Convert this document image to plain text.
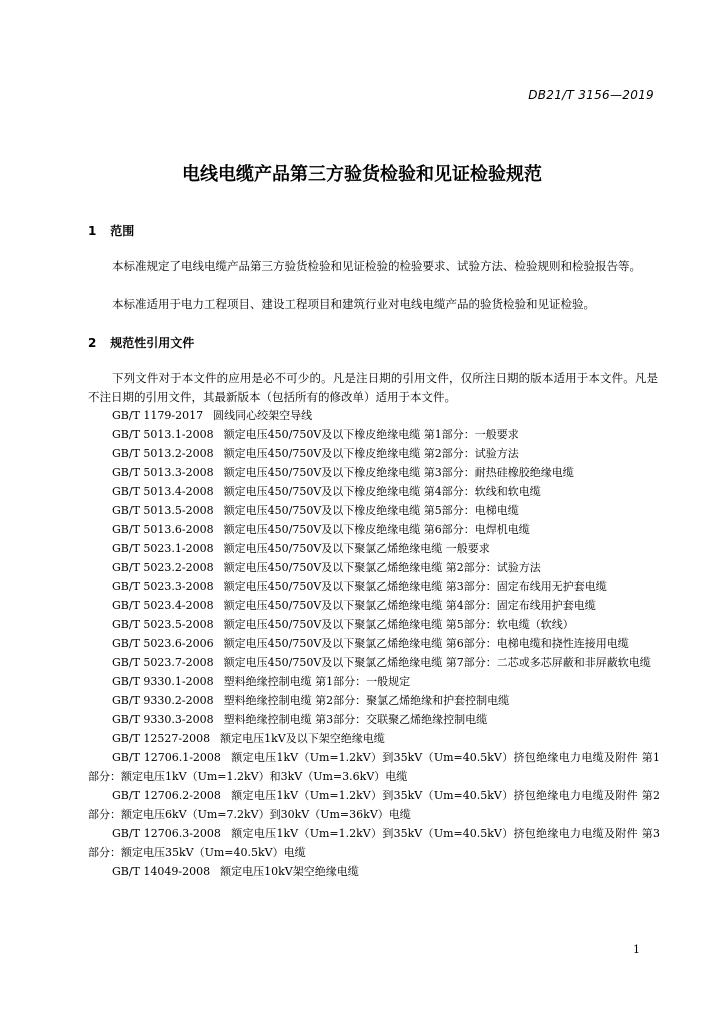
DB21/T 3156—2019
电线电缆产品第三方验货检验和见证检验规范
1 范围
本标准规定了电线电缆产品第三方验货检验和见证检验的检验要求、试验方法、检验规则和检验报告等。
本标准适用于电力工程项目、建设工程项目和建筑行业对电线电缆产品的验货检验和见证检验。
2 规范性引用文件
下列文件对于本文件的应用是必不可少的。凡是注日期的引用文件，仅所注日期的版本适用于本文件。凡是不注日期的引用文件，其最新版本（包括所有的修改单）适用于本文件。

GB/T 1179-2017 圆线同心绞架空导线

GB/T 5013.1-2008 额定电压450/750V及以下橡皮绝缘电缆 第1部分：一般要求

GB/T 5013.2-2008 额定电压450/750V及以下橡皮绝缘电缆 第2部分：试验方法

GB/T 5013.3-2008 额定电压450/750V及以下橡皮绝缘电缆 第3部分：耐热硅橡胶绝缘电缆

GB/T 5013.4-2008 额定电压450/750V及以下橡皮绝缘电缆 第4部分：软线和软电缆

GB/T 5013.5-2008 额定电压450/750V及以下橡皮绝缘电缆 第5部分：电梯电缆

GB/T 5013.6-2008 额定电压450/750V及以下橡皮绝缘电缆 第6部分：电焊机电缆

GB/T 5023.1-2008 额定电压450/750V及以下聚氯乙烯绝缘电缆 一般要求

GB/T 5023.2-2008 额定电压450/750V及以下聚氯乙烯绝缘电缆 第2部分：试验方法

GB/T 5023.3-2008 额定电压450/750V及以下聚氯乙烯绝缘电缆 第3部分：固定布线用无护套电缆

GB/T 5023.4-2008 额定电压450/750V及以下聚氯乙烯绝缘电缆 第4部分：固定布线用护套电缆

GB/T 5023.5-2008 额定电压450/750V及以下聚氯乙烯绝缘电缆 第5部分：软电缆（软线）

GB/T 5023.6-2006 额定电压450/750V及以下聚氯乙烯绝缘电缆 第6部分：电梯电缆和挠性连接用电缆

GB/T 5023.7-2008 额定电压450/750V及以下聚氯乙烯绝缘电缆 第7部分：二芯或多芯屏蔽和非屏蔽软电缆

GB/T 9330.1-2008 塑料绝缘控制电缆 第1部分：一般规定

GB/T 9330.2-2008 塑料绝缘控制电缆 第2部分：聚氯乙烯绝缘和护套控制电缆

GB/T 9330.3-2008 塑料绝缘控制电缆 第3部分：交联聚乙烯绝缘控制电缆

GB/T 12527-2008 额定电压1kV及以下架空绝缘电缆

GB/T 12706.1-2008 额定电压1kV（Um=1.2kV）到35kV（Um=40.5kV）挤包绝缘电力电缆及附件 第1部分：额定电压1kV（Um=1.2kV）和3kV（Um=3.6kV）电缆

GB/T 12706.2-2008 额定电压1kV（Um=1.2kV）到35kV（Um=40.5kV）挤包绝缘电力电缆及附件 第2部分：额定电压6kV（Um=7.2kV）到30kV（Um=36kV）电缆

GB/T 12706.3-2008 额定电压1kV（Um=1.2kV）到35kV（Um=40.5kV）挤包绝缘电力电缆及附件 第3部分：额定电压35kV（Um=40.5kV）电缆

GB/T 14049-2008 额定电压10kV架空绝缘电缆

1
